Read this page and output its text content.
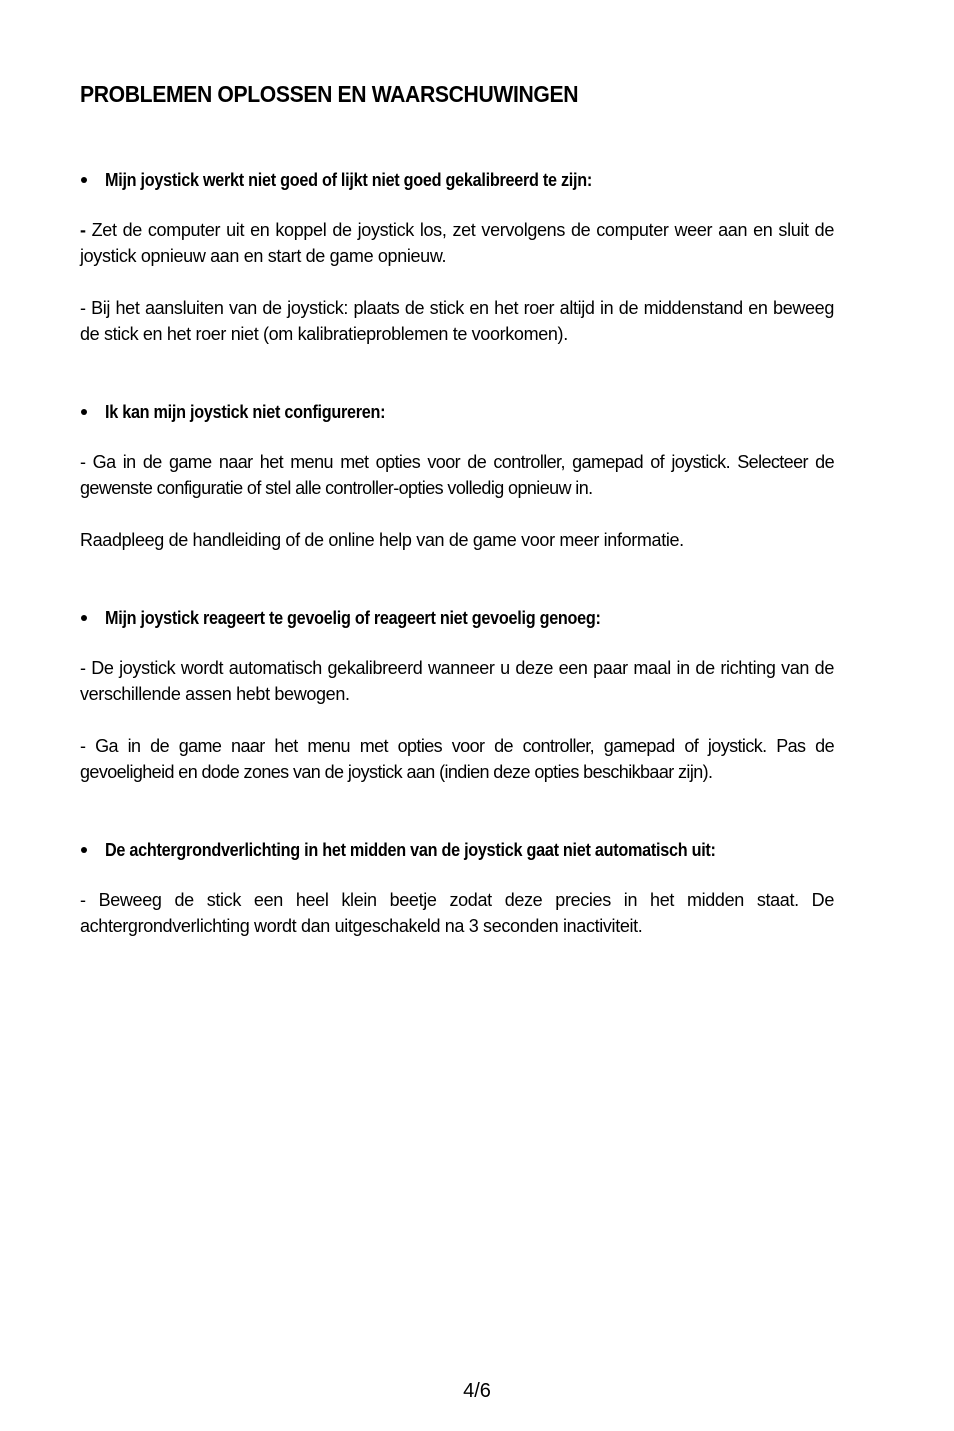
PROBLEMEN OPLOSSEN EN WAARSCHUWINGEN
Mijn joystick werkt niet goed of lijkt niet goed gekalibreerd te zijn:

- Zet de computer uit en koppel de joystick los, zet vervolgens de computer weer aan en sluit de joystick opnieuw aan en start de game opnieuw.

- Bij het aansluiten van de joystick: plaats de stick en het roer altijd in de middenstand en beweeg de stick en het roer niet (om kalibratieproblemen te voorkomen).

Ik kan mijn joystick niet configureren:

- Ga in de game naar het menu met opties voor de controller, gamepad of joystick. Selecteer de gewenste configuratie of stel alle controller-opties volledig opnieuw in.

Raadpleeg de handleiding of de online help van de game voor meer informatie.

Mijn joystick reageert te gevoelig of reageert niet gevoelig genoeg:

- De joystick wordt automatisch gekalibreerd wanneer u deze een paar maal in de richting van de verschillende assen hebt bewogen.

- Ga in de game naar het menu met opties voor de controller, gamepad of joystick. Pas de gevoeligheid en dode zones van de joystick aan (indien deze opties beschikbaar zijn).

De achtergrondverlichting in het midden van de joystick gaat niet automatisch uit:

- Beweeg de stick een heel klein beetje zodat deze precies in het midden staat. De achtergrondverlichting wordt dan uitgeschakeld na 3 seconden inactiviteit.

4/6
